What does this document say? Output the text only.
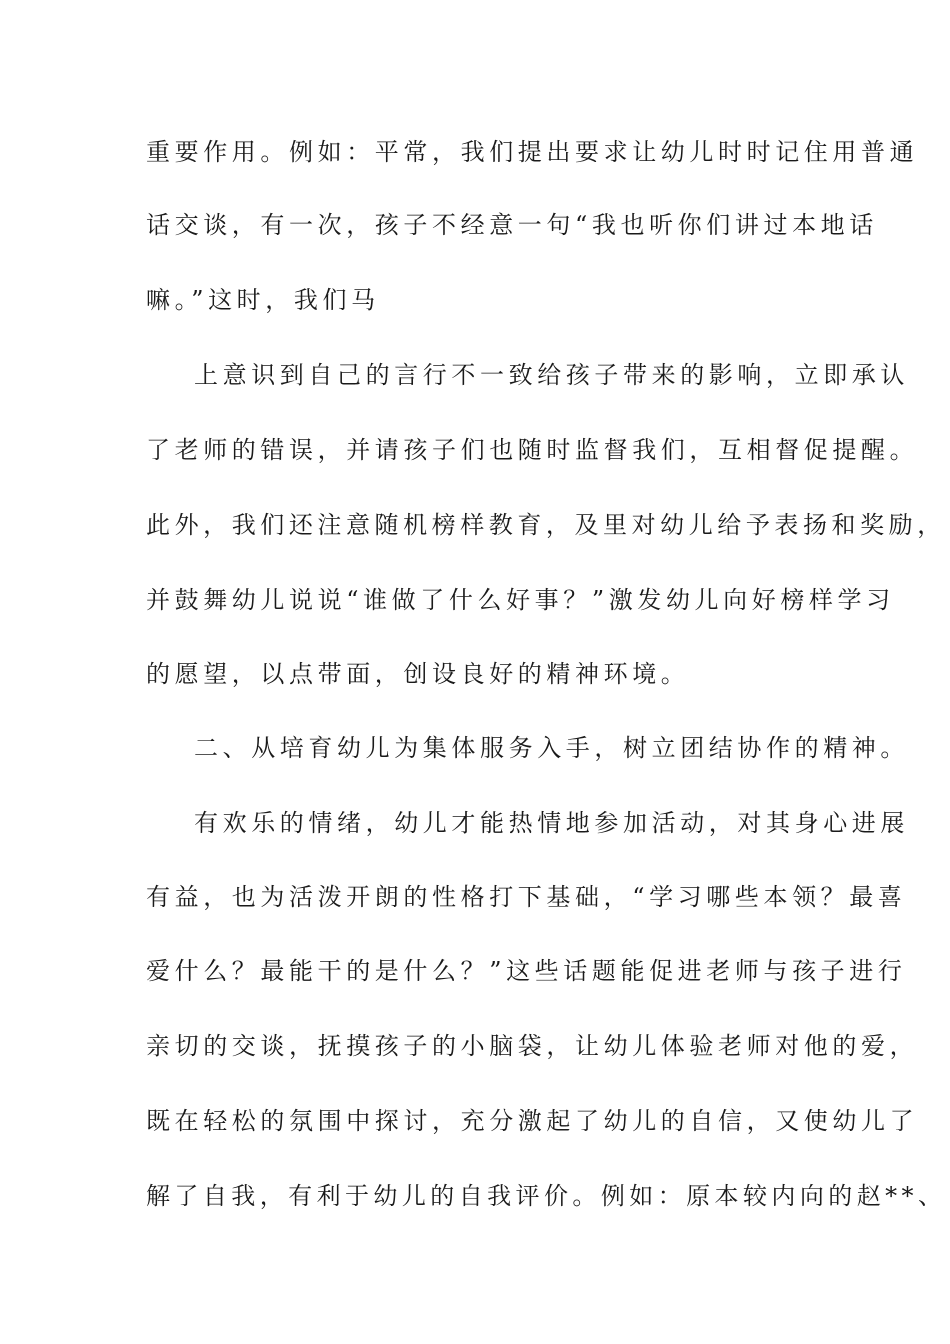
重要作用。例如：平常，我们提出要求让幼儿时时记住用普通
话交谈，有一次，孩子不经意一句“我也听你们讲过本地话
嘛。”这时，我们马
上意识到自己的言行不一致给孩子带来的影响，立即承认
了老师的错误，并请孩子们也随时监督我们，互相督促提醒。
此外，我们还注意随机榜样教育，及里对幼儿给予表扬和奖励，
并鼓舞幼儿说说“谁做了什么好事？”激发幼儿向好榜样学习
的愿望，以点带面，创设良好的精神环境。
二、从培育幼儿为集体服务入手，树立团结协作的精神。
有欢乐的情绪，幼儿才能热情地参加活动，对其身心进展
有益，也为活泼开朗的性格打下基础，“学习哪些本领？最喜
爱什么？最能干的是什么？”这些话题能促进老师与孩子进行
亲切的交谈，抚摸孩子的小脑袋，让幼儿体验老师对他的爱，
既在轻松的氛围中探讨，充分激起了幼儿的自信，又使幼儿了
解了自我，有利于幼儿的自我评价。例如：原本较内向的赵**、
